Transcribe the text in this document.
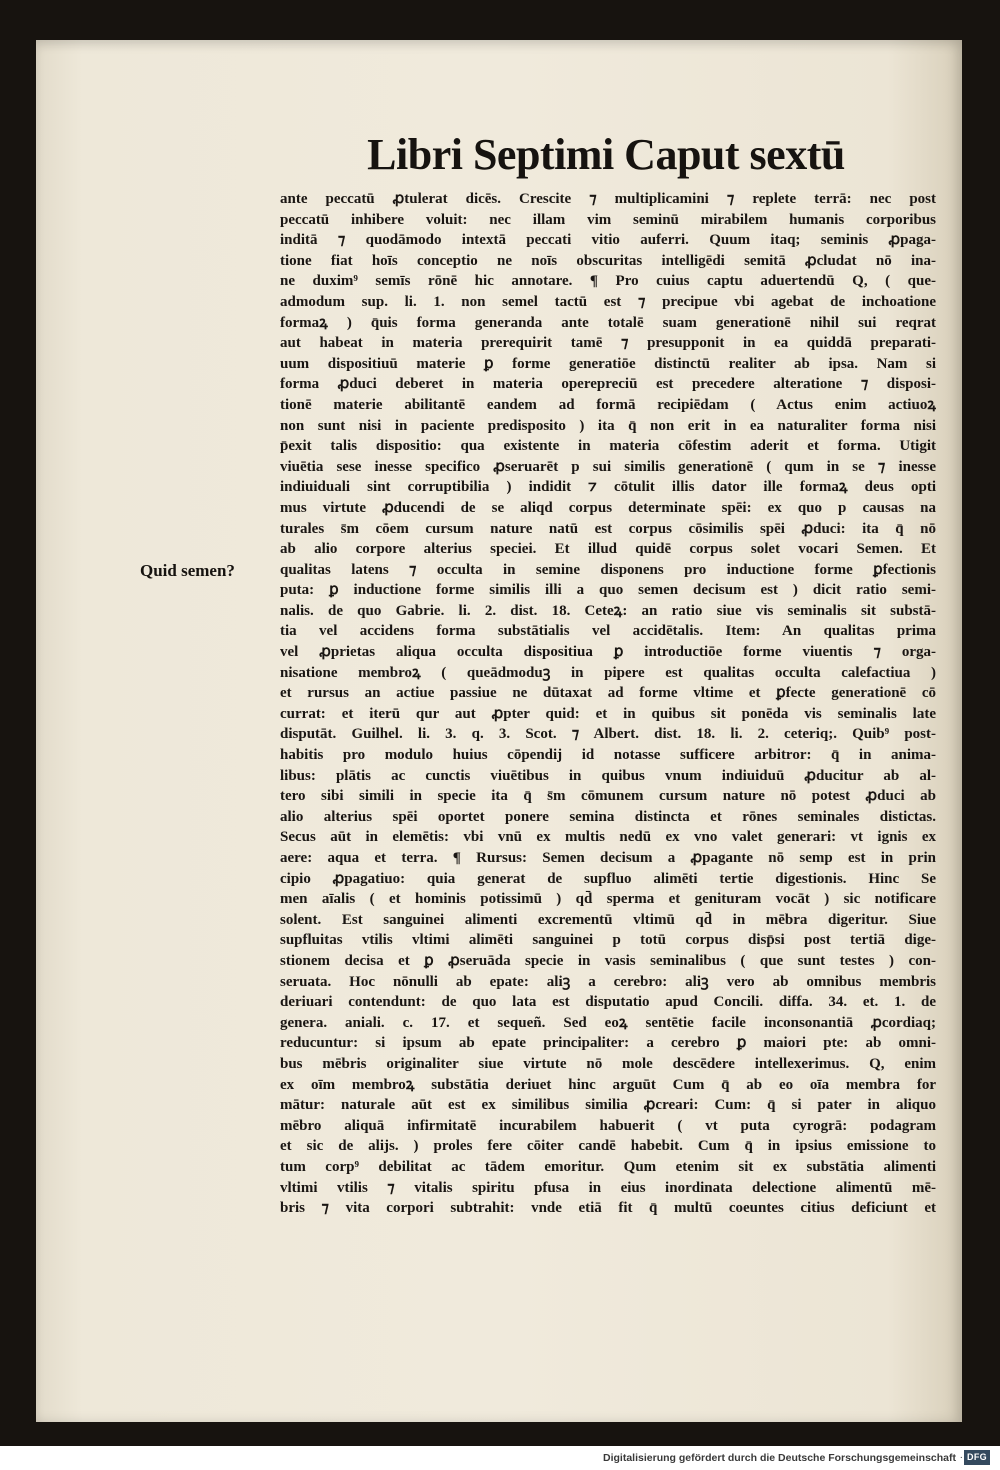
Libri Septimi Caput sextū
Quid semen?
ante peccatū ꝓtulerat dicēs. Crescite ⁊ multiplicamini ⁊ replete terrā: nec post
peccatū inhibere voluit: nec illam vim seminū mirabilem humanis corporibus
inditā ⁊ quodāmodo intextā peccati vitio auferri. Quum itaq; seminis ꝓpaga-
tione fiat hoīs conceptio ne noīs obscuritas intelligēdi semitā ꝓcludat nō ina-
ne duxim⁹ semīs rōnē hic annotare. ¶ Pro cuius captu aduertendū Q, ( que-
admodum sup. li. 1. non semel tactū est ⁊ precipue vbi agebat de inchoatione
formaꝝ ) q̄uis forma generanda ante totalē suam generationē nihil sui reqrat
aut habeat in materia prerequirit tamē ⁊ presupponit in ea quiddā preparati-
uum dispositiuū materie ꝑ forme generatiōe distinctū realiter ab ipsa. Nam si
forma ꝓduci deberet in materia operepreciū est precedere alteratione ⁊ disposi-
tionē materie abilitantē eandem ad formā recipiēdam ( Actus enim actiuoꝝ
non sunt nisi in paciente predisposito ) ita q̄ non erit in ea naturaliter forma nisi
p̄exit talis dispositio: qua existente in materia cōfestim aderit et forma. Utigit
viuētia sese inesse specifico ꝓseruarēt p sui similis generationē ( qum in se ⁊ inesse
indiuiduali sint corruptibilia ) indidit ⁊ cōtulit illis dator ille formaꝝ deus opti
mus virtute ꝓducendi de se aliqd corpus determinate spēi: ex quo p causas na
turales s̄m cōem cursum nature natū est corpus cōsimilis spēi ꝓduci: ita q̄ nō
ab alio corpore alterius speciei. Et illud quidē corpus solet vocari Semen. Et
qualitas latens ⁊ occulta in semine disponens pro inductione forme ꝑfectionis
puta: ꝑ inductione forme similis illi a quo semen decisum est ) dicit ratio semi-
nalis. de quo Gabrie. li. 2. dist. 18. Ceteꝝ: an ratio siue vis seminalis sit substā-
tia vel accidens forma substātialis vel accidētalis. Item: An qualitas prima
vel ꝓprietas aliqua occulta dispositiua ꝑ introductiōe forme viuentis ⁊ orga-
nisatione membroꝝ ( queādmoduꝫ in pipere est qualitas occulta calefactiua )
et rursus an actiue passiue ne dūtaxat ad forme vltime et ꝑfecte generationē cō
currat: et iterū qur aut ꝓpter quid: et in quibus sit ponēda vis seminalis late
disputāt. Guilhel. li. 3. q. 3. Scot. ⁊ Albert. dist. 18. li. 2. ceteriq;. Quib⁹ post-
habitis pro modulo huius cōpendij id notasse sufficere arbitror: q̄ in anima-
libus: plātis ac cunctis viuētibus in quibus vnum indiuiduū ꝓducitur ab al-
tero sibi simili in specie ita q̄ s̄m cōmunem cursum nature nō potest ꝓduci ab
alio alterius spēi oportet ponere semina distincta et rōnes seminales distictas.
Secus aūt in elemētis: vbi vnū ex multis nedū ex vno valet generari: vt ignis ex
aere: aqua et terra. ¶ Rursus: Semen decisum a ꝓpagante nō semp est in prin
cipio ꝓpagatiuo: quia generat de supfluo alimēti tertie digestionis. Hinc Se
men aīalis ( et hominis potissimū ) qd̄ sperma et genituram vocāt ) sic notificare
solent. Est sanguinei alimenti excrementū vltimū qd̄ in mēbra digeritur. Siue
supfluitas vtilis vltimi alimēti sanguinei p totū corpus disp̄si post tertiā dige-
stionem decisa et ꝑ ꝓseruāda specie in vasis seminalibus ( que sunt testes ) con-
seruata. Hoc nōnulli ab epate: aliꝫ a cerebro: aliꝫ vero ab omnibus membris
deriuari contendunt: de quo lata est disputatio apud Concili. diffa. 34. et. 1. de
genera. aniali. c. 17. et sequeñ. Sed eoꝝ sentētie facile inconsonantiā ꝓcordiaq;
reducuntur: si ipsum ab epate principaliter: a cerebro ꝑ maiori pte: ab omni-
bus mēbris originaliter siue virtute nō mole descēdere intellexerimus. Q, enim
ex oīm membroꝝ substātia deriuet hinc arguūt Cum q̄ ab eo oīa membra for
mātur: naturale aūt est ex similibus similia ꝓcreari: Cum: q̄ si pater in aliquo
mēbro aliquā infirmitatē incurabilem habuerit ( vt puta cyrogrā: podagram
et sic de alijs. ) proles fere cōiter candē habebit. Cum q̄ in ipsius emissione to
tum corp⁹ debilitat ac tādem emoritur. Qum etenim sit ex substātia alimenti
vltimi vtilis ⁊ vitalis spiritu pfusa in eius inordinata delectione alimentū mē-
bris ⁊ vita corpori subtrahit: vnde etiā fit q̄ multū coeuntes citius deficiunt et
Digitalisierung gefördert durch die Deutsche Forschungsgemeinschaft · DFG
